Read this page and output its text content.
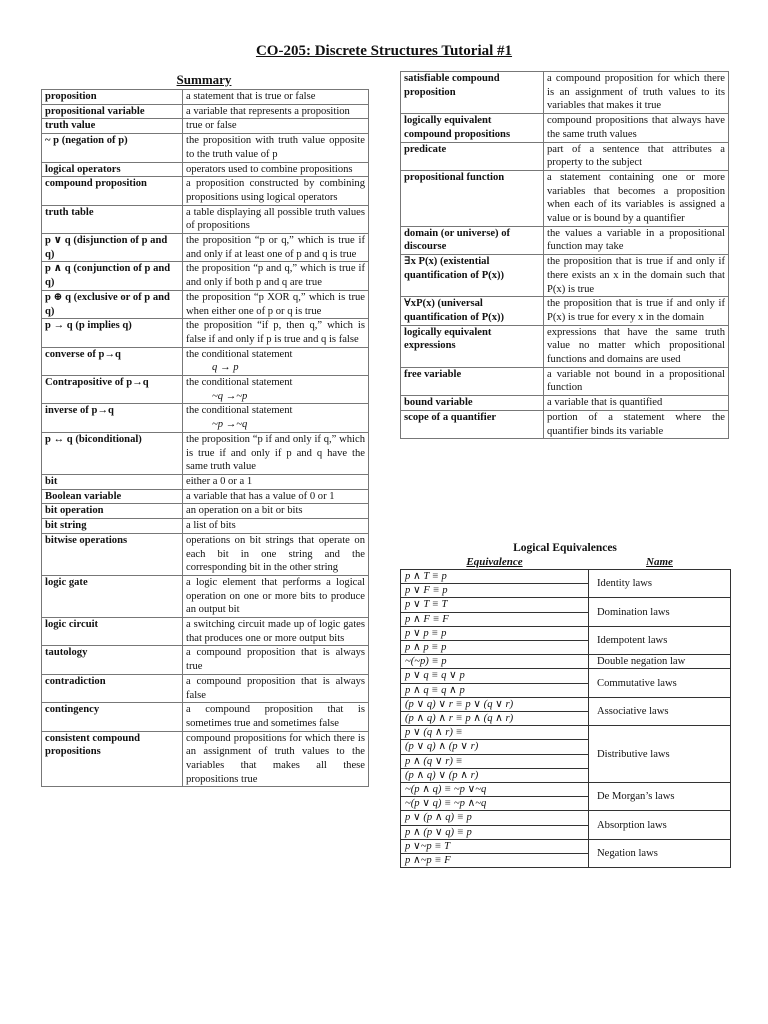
CO-205: Discrete Structures Tutorial #1
Summary
proposition	a statement that is true or false
propositional variable	a variable that represents a proposition
truth value	true or false
~ p (negation of p)	the proposition with truth value opposite to the truth value of p
logical operators	operators used to combine propositions
compound proposition	a proposition constructed by combining propositions using logical operators
truth table	a table displaying all possible truth values of propositions
p ∨ q (disjunction of p and q)	the proposition “p or q,” which is true if and only if at least one of p and q is true
p ∧ q (conjunction of p and q)	the proposition “p and q,” which is true if and only if both p and q are true
p ⊕ q (exclusive or of p and q)	the proposition “p XOR q,” which is true when either one of p or q is true
p → q (p implies q)	the proposition “if p, then q,” which is false if and only if p is true and q is false
converse of p→q	the conditional statement
q → p

Contrapositive of p→q	the conditional statement
~q →~p

inverse of p→q	the conditional statement
~p →~q

p ↔ q (biconditional)	the proposition “p if and only if q,” which is true if and only if p and q have the same truth value
bit	either a 0 or a 1
Boolean variable	a variable that has a value of 0 or 1
bit operation	an operation on a bit or bits
bit string	a list of bits
bitwise operations	operations on bit strings that operate on each bit in one string and the corresponding bit in the other string
logic gate	a logic element that performs a logical operation on one or more bits to produce an output bit
logic circuit	a switching circuit made up of logic gates that produces one or more output bits
tautology	a compound proposition that is always true
contradiction	a compound proposition that is always false
contingency	a compound proposition that is sometimes true and sometimes false
consistent compound propositions	compound propositions for which there is an assignment of truth values to the variables that makes all these propositions true
satisfiable compound proposition	a compound proposition for which there is an assignment of truth values to its variables that makes it true
logically equivalent compound propositions	compound propositions that always have the same truth values
predicate	part of a sentence that attributes a property to the subject
propositional function	a statement containing one or more variables that becomes a proposition when each of its variables is assigned a value or is bound by a quantifier
domain (or universe) of discourse	the values a variable in a propositional function may take
∃x P(x) (existential quantification of P(x))	the proposition that is true if and only if there exists an x in the domain such that P(x) is true
∀xP(x) (universal quantification of P(x))	the proposition that is true if and only if P(x) is true for every x in the domain
logically equivalent expressions	expressions that have the same truth value no matter which propositional functions and domains are used
free variable	a variable not bound in a propositional function
bound variable	a variable that is quantified
scope of a quantifier	portion of a statement where the quantifier binds its variable
Logical Equivalences
Equivalence	Name
p ∧ T ≡ p	Identity laws
p ∨ F ≡ p	
p ∨ T ≡ T	Domination laws
p ∧ F ≡ F	
p ∨ p ≡ p	Idempotent laws
p ∧ p ≡ p	
~(~p) ≡ p	Double negation law
p ∨ q ≡ q ∨ p	Commutative laws
p ∧ q ≡ q ∧ p	
(p ∨ q) ∨ r ≡ p ∨ (q ∨ r)	Associative laws
(p ∧ q) ∧ r ≡ p ∧ (q ∧ r)	
p ∨ (q ∧ r) ≡	Distributive laws
(p ∨ q) ∧ (p ∨ r)	
p ∧ (q ∨ r) ≡	
(p ∧ q) ∨ (p ∧ r)	
~(p ∧ q) ≡ ~p ∨~q	De Morgan’s laws
~(p ∨ q) ≡ ~p ∧~q	
p ∨ (p ∧ q) ≡ p	Absorption laws
p ∧ (p ∨ q) ≡ p	
p ∨~p ≡ T	Negation laws
p ∧~p ≡ F	
